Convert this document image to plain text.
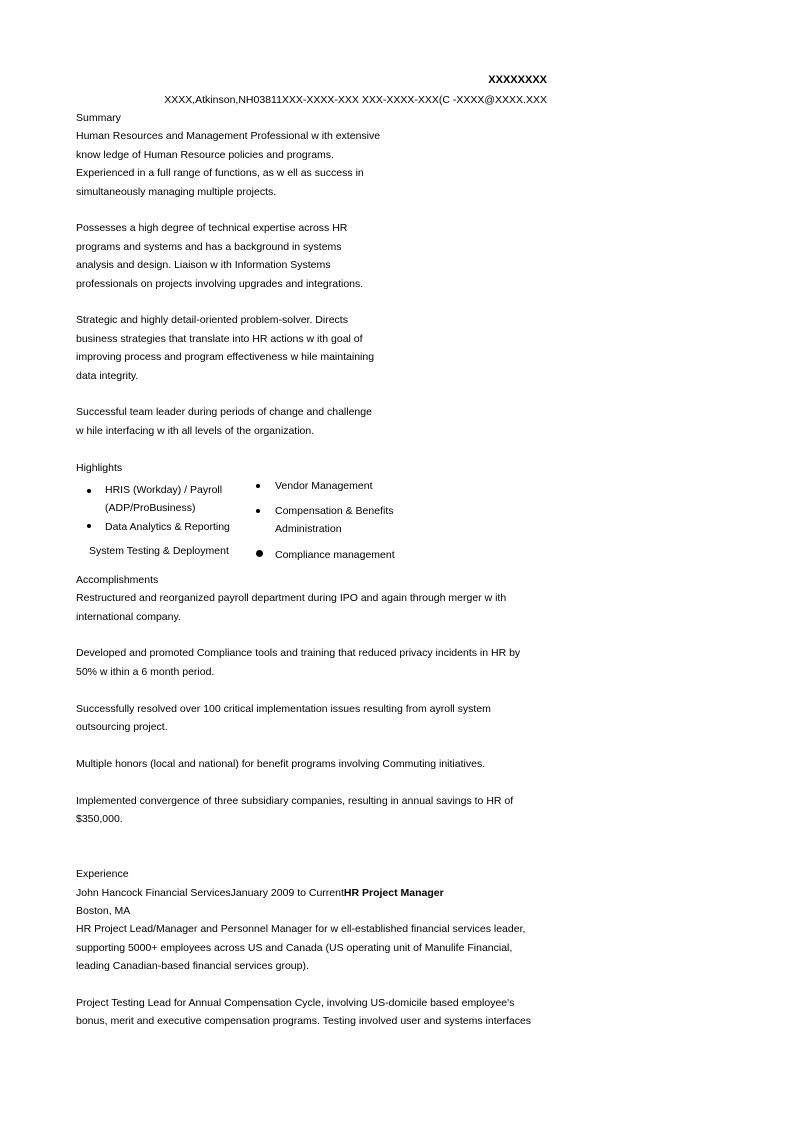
XXXXXXXX
XXXX,Atkinson,NH03811XXX-XXXX-XXX XXX-XXXX-XXX(C -XXXX@XXXX.XXX
Summary
Human Resources and Management Professional w ith extensive
know ledge of Human Resource policies and programs.
Experienced in a full range of functions, as w ell as success in
simultaneously managing multiple projects.
Possesses a high degree of technical expertise across HR
programs and systems and has a background in systems
analysis and design. Liaison w ith Information Systems
professionals on projects involving upgrades and integrations.
Strategic and highly detail-oriented problem-solver. Directs
business strategies that translate into HR actions w ith goal of
improving process and program effectiveness w hile maintaining
data integrity.
Successful team leader during periods of change and challenge
w hile interfacing w ith all levels of the organization.
Highlights
HRIS (Workday) / Payroll
(ADP/ProBusiness)
Data Analytics & Reporting
System Testing & Deployment
Vendor Management
Compensation & Benefits
Administration
Compliance management
Accomplishments
Restructured and reorganized payroll department during IPO and again through merger w ith
international company.
Developed and promoted Compliance tools and training that reduced privacy incidents in HR by
50% w ithin a 6 month period.
Successfully resolved over 100 critical implementation issues resulting from ayroll system
outsourcing project.
Multiple honors (local and national) for benefit programs involving Commuting initiatives.
Implemented convergence of three subsidiary companies, resulting in annual savings to HR of
$350,000.
Experience
John Hancock Financial ServicesJanuary 2009 to CurrentHR Project Manager
Boston, MA
HR Project Lead/Manager and Personnel Manager for w ell-established financial services leader,
supporting 5000+ employees across US and Canada (US operating unit of Manulife Financial,
leading Canadian-based financial services group).
Project Testing Lead for Annual Compensation Cycle, involving US-domicile based employee's
bonus, merit and executive compensation programs. Testing involved user and systems interfaces
